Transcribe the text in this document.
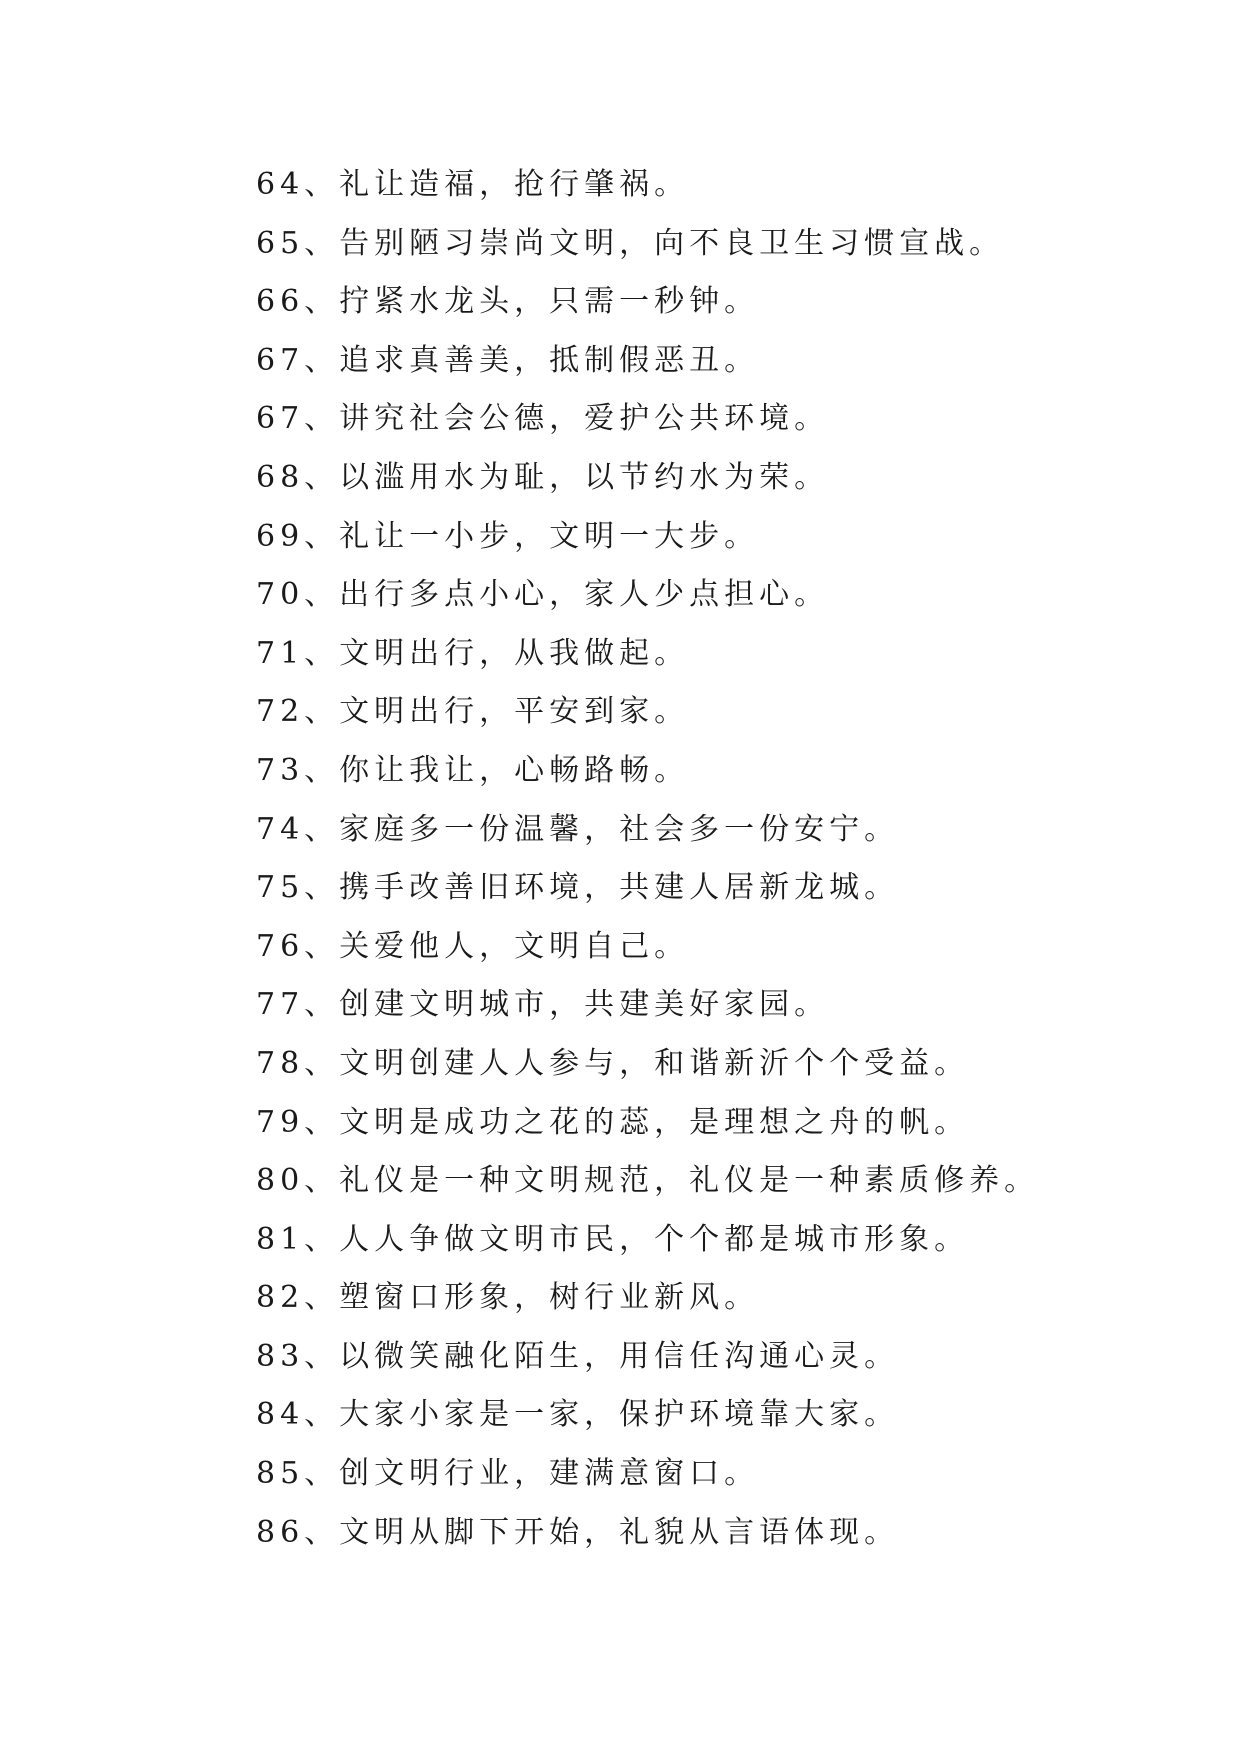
64、礼让造福，抢行肇祸。
65、告别陋习崇尚文明，向不良卫生习惯宣战。
66、拧紧水龙头，只需一秒钟。
67、追求真善美，抵制假恶丑。
67、讲究社会公德，爱护公共环境。
68、以滥用水为耻，以节约水为荣。
69、礼让一小步，文明一大步。
70、出行多点小心，家人少点担心。
71、文明出行，从我做起。
72、文明出行，平安到家。
73、你让我让，心畅路畅。
74、家庭多一份温馨，社会多一份安宁。
75、携手改善旧环境，共建人居新龙城。
76、关爱他人，文明自己。
77、创建文明城市，共建美好家园。
78、文明创建人人参与，和谐新沂个个受益。
79、文明是成功之花的蕊，是理想之舟的帆。
80、礼仪是一种文明规范，礼仪是一种素质修养。
81、人人争做文明市民，个个都是城市形象。
82、塑窗口形象，树行业新风。
83、以微笑融化陌生，用信任沟通心灵。
84、大家小家是一家，保护环境靠大家。
85、创文明行业，建满意窗口。
86、文明从脚下开始，礼貌从言语体现。
